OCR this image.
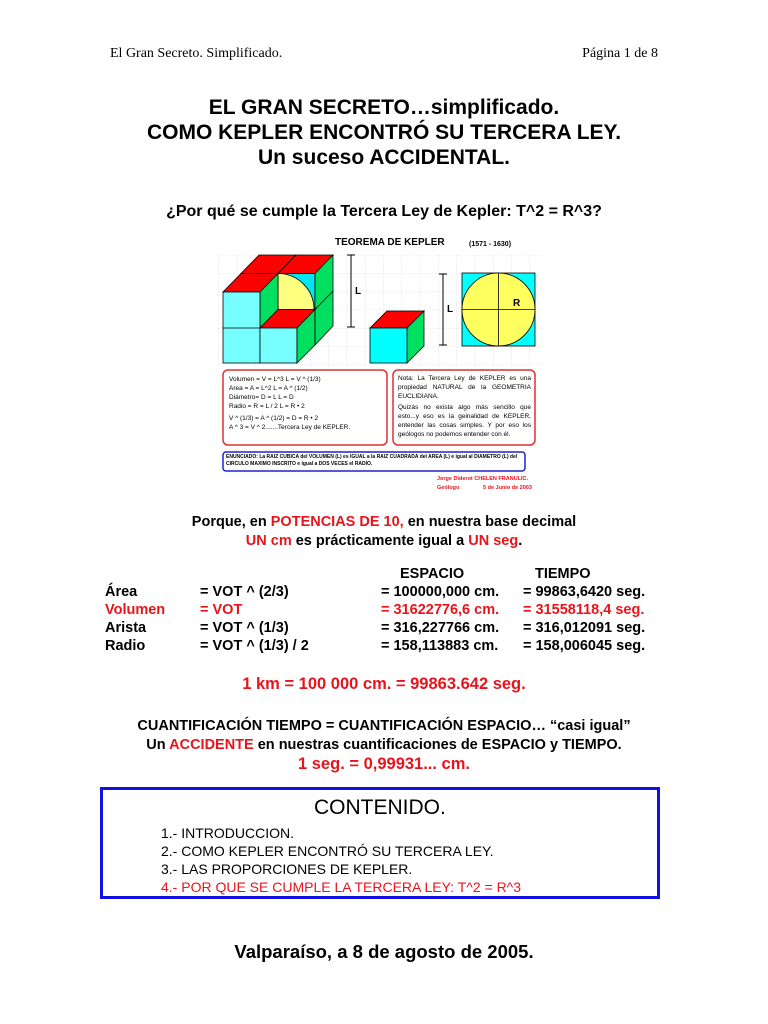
El Gran Secreto. Simplificado.	Página 1 de 8
EL GRAN SECRETO…simplificado.
COMO KEPLER ENCONTRÓ SU TERCERA LEY.
Un suceso ACCIDENTAL.
¿Por qué se cumple la Tercera Ley de Kepler: T^2 = R^3?
TEOREMA DE KEPLER	(1571 - 1630)
L
L
R
Volumen = V = L^3 L = V ^ (1/3)
Area = A = L^2 L = A ^ (1/2)
Diámetro= D = L L = D
Radio = R = L / 2 L = R • 2
V ^ (1/3) = A ^ (1/2) = D = R • 2
A ^ 3 = V ^ 2.......Tercera Ley de KEPLER.
Nota: La Tercera Ley de KEPLER es una propiedad NATURAL de la GEOMETRIA EUCLIDIANA.
Quizás no exista algo más sencillo que esto...y eso es la geinalidad de KEPLER, entender las cosas simples. Y por eso los geólogos no podemos entender con él.
ENUNCIADO: La RAIZ CUBICA del VOLUMEN (L) es IGUAL a la RAIZ CUADRADA del AREA (L) e igual al DIAMETRO (L) del CIRCULO MAXIMO INSCRITO e igual a DOS VECES el RADIO.
Jorge Diderot CHELEN FRANULIC.
Geólogo	5 de Junio de 2003
Porque, en POTENCIAS DE 10, en nuestra base decimal
UN cm es prácticamente igual a UN seg.
ESPACIO	TIEMPO
Área	= VOT ^ (2/3)	= 100000,000 cm. = 99863,6420 seg.
Volumen = VOT	= 31622776,6 cm. = 31558118,4 seg.
Arista	= VOT ^ (1/3)	= 316,227766 cm. = 316,012091 seg.
Radio	= VOT ^ (1/3) / 2	= 158,113883 cm. = 158,006045 seg.
1 km = 100 000 cm. = 99863.642 seg.
CUANTIFICACIÓN TIEMPO = CUANTIFICACIÓN ESPACIO… “casi igual”
Un ACCIDENTE en nuestras cuantificaciones de ESPACIO y TIEMPO.
1 seg. = 0,99931... cm.
CONTENIDO.
1.- INTRODUCCION.
2.- COMO KEPLER ENCONTRÓ SU TERCERA LEY.
3.- LAS PROPORCIONES DE KEPLER.
4.- POR QUE SE CUMPLE LA TERCERA LEY: T^2 = R^3
Valparaíso, a 8 de agosto de 2005.
